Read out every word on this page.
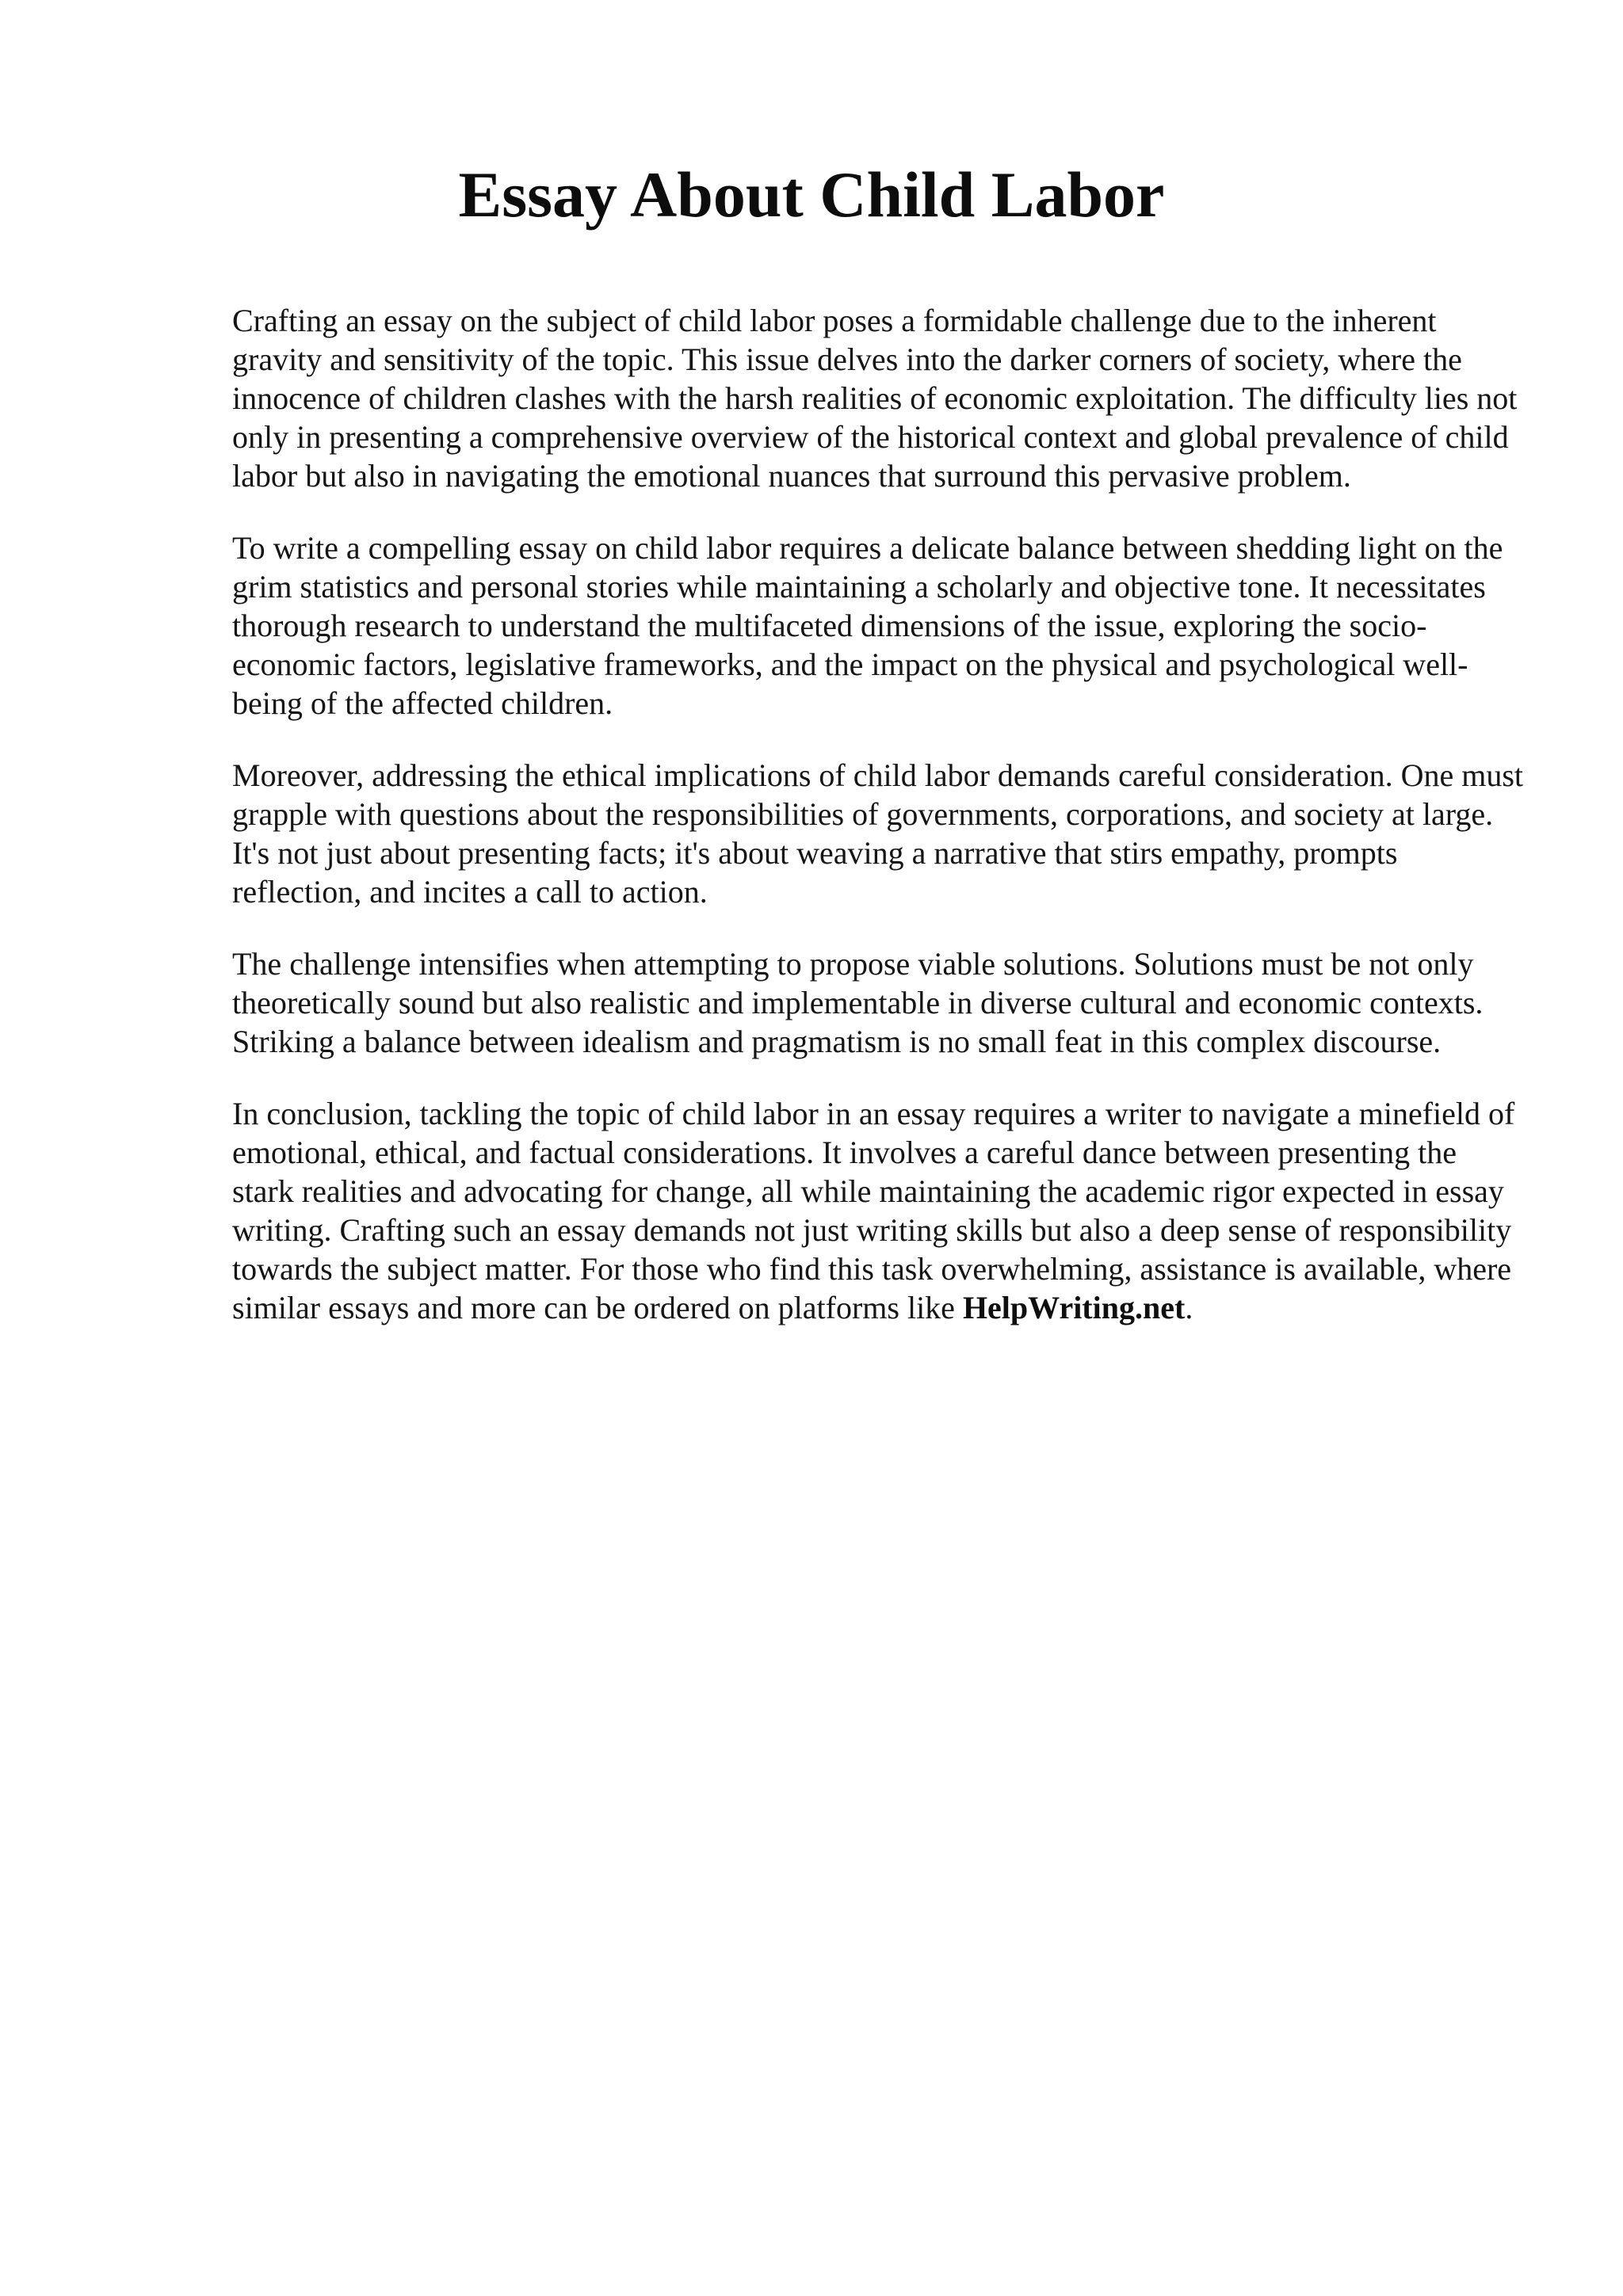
Essay About Child Labor

Crafting an essay on the subject of child labor poses a formidable challenge due to the inherent gravity and sensitivity of the topic. This issue delves into the darker corners of society, where the innocence of children clashes with the harsh realities of economic exploitation. The difficulty lies not only in presenting a comprehensive overview of the historical context and global prevalence of child labor but also in navigating the emotional nuances that surround this pervasive problem.

To write a compelling essay on child labor requires a delicate balance between shedding light on the grim statistics and personal stories while maintaining a scholarly and objective tone. It necessitates thorough research to understand the multifaceted dimensions of the issue, exploring the socio-economic factors, legislative frameworks, and the impact on the physical and psychological well-being of the affected children.

Moreover, addressing the ethical implications of child labor demands careful consideration. One must grapple with questions about the responsibilities of governments, corporations, and society at large. It's not just about presenting facts; it's about weaving a narrative that stirs empathy, prompts reflection, and incites a call to action.

The challenge intensifies when attempting to propose viable solutions. Solutions must be not only theoretically sound but also realistic and implementable in diverse cultural and economic contexts. Striking a balance between idealism and pragmatism is no small feat in this complex discourse.

In conclusion, tackling the topic of child labor in an essay requires a writer to navigate a minefield of emotional, ethical, and factual considerations. It involves a careful dance between presenting the stark realities and advocating for change, all while maintaining the academic rigor expected in essay writing. Crafting such an essay demands not just writing skills but also a deep sense of responsibility towards the subject matter. For those who find this task overwhelming, assistance is available, where similar essays and more can be ordered on platforms like HelpWriting.net.
